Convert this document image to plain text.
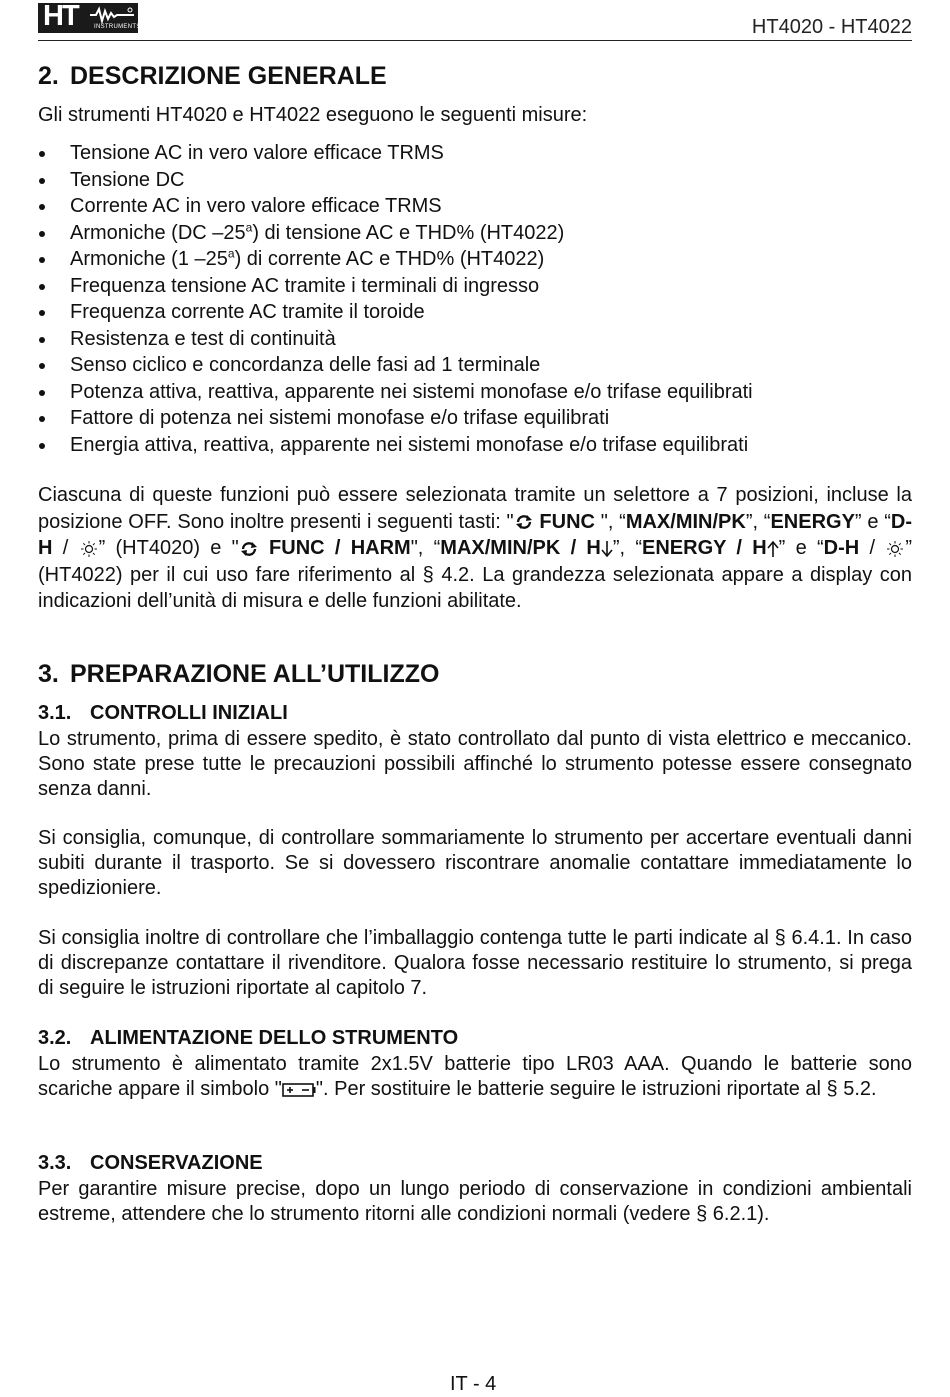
HT	INSTRUMENTS	HT4020 - HT4022
2. DESCRIZIONE GENERALE
Gli strumenti HT4020 e HT4022 eseguono le seguenti misure:
Tensione AC in vero valore efficace TRMS
Tensione DC
Corrente AC in vero valore efficace TRMS
Armoniche (DC –25$^a$) di tensione AC e THD% (HT4022)
Armoniche (1 –25$^a$) di corrente AC e THD% (HT4022)
Frequenza tensione AC tramite i terminali di ingresso
Frequenza corrente AC tramite il toroide
Resistenza e test di continuità
Senso ciclico e concordanza delle fasi ad 1 terminale
Potenza attiva, reattiva, apparente nei sistemi monofase e/o trifase equilibrati
Fattore di potenza nei sistemi monofase e/o trifase equilibrati
Energia attiva, reattiva, apparente nei sistemi monofase e/o trifase equilibrati
Ciascuna di queste funzioni può essere selezionata tramite un selettore a 7 posizioni, incluse la posizione OFF. Sono inoltre presenti i seguenti tasti: " FUNC ", “MAX/MIN/PK”, “ENERGY” e “D-H / ” (HT4020) e " FUNC / HARM", “MAX/MIN/PK / H ”, “ENERGY / H ” e “D-H / ” (HT4022) per il cui uso fare riferimento al § 4.2. La grandezza selezionata appare a display con indicazioni dell’unità di misura e delle funzioni abilitate.
3. PREPARAZIONE ALL’UTILIZZO
3.1. CONTROLLI INIZIALI
Lo strumento, prima di essere spedito, è stato controllato dal punto di vista elettrico e meccanico. Sono state prese tutte le precauzioni possibili affinché lo strumento potesse essere consegnato senza danni.
Si consiglia, comunque, di controllare sommariamente lo strumento per accertare eventuali danni subiti durante il trasporto. Se si dovessero riscontrare anomalie contattare immediatamente lo spedizioniere.
Si consiglia inoltre di controllare che l’imballaggio contenga tutte le parti indicate al § 6.4.1. In caso di discrepanze contattare il rivenditore. Qualora fosse necessario restituire lo strumento, si prega di seguire le istruzioni riportate al capitolo 7.
3.2. ALIMENTAZIONE DELLO STRUMENTO
Lo strumento è alimentato tramite 2x1.5V batterie tipo LR03 AAA. Quando le batterie sono scariche appare il simbolo " ". Per sostituire le batterie seguire le istruzioni riportate al § 5.2.
3.3. CONSERVAZIONE
Per garantire misure precise, dopo un lungo periodo di conservazione in condizioni ambientali estreme, attendere che lo strumento ritorni alle condizioni normali (vedere § 6.2.1).
IT - 4
